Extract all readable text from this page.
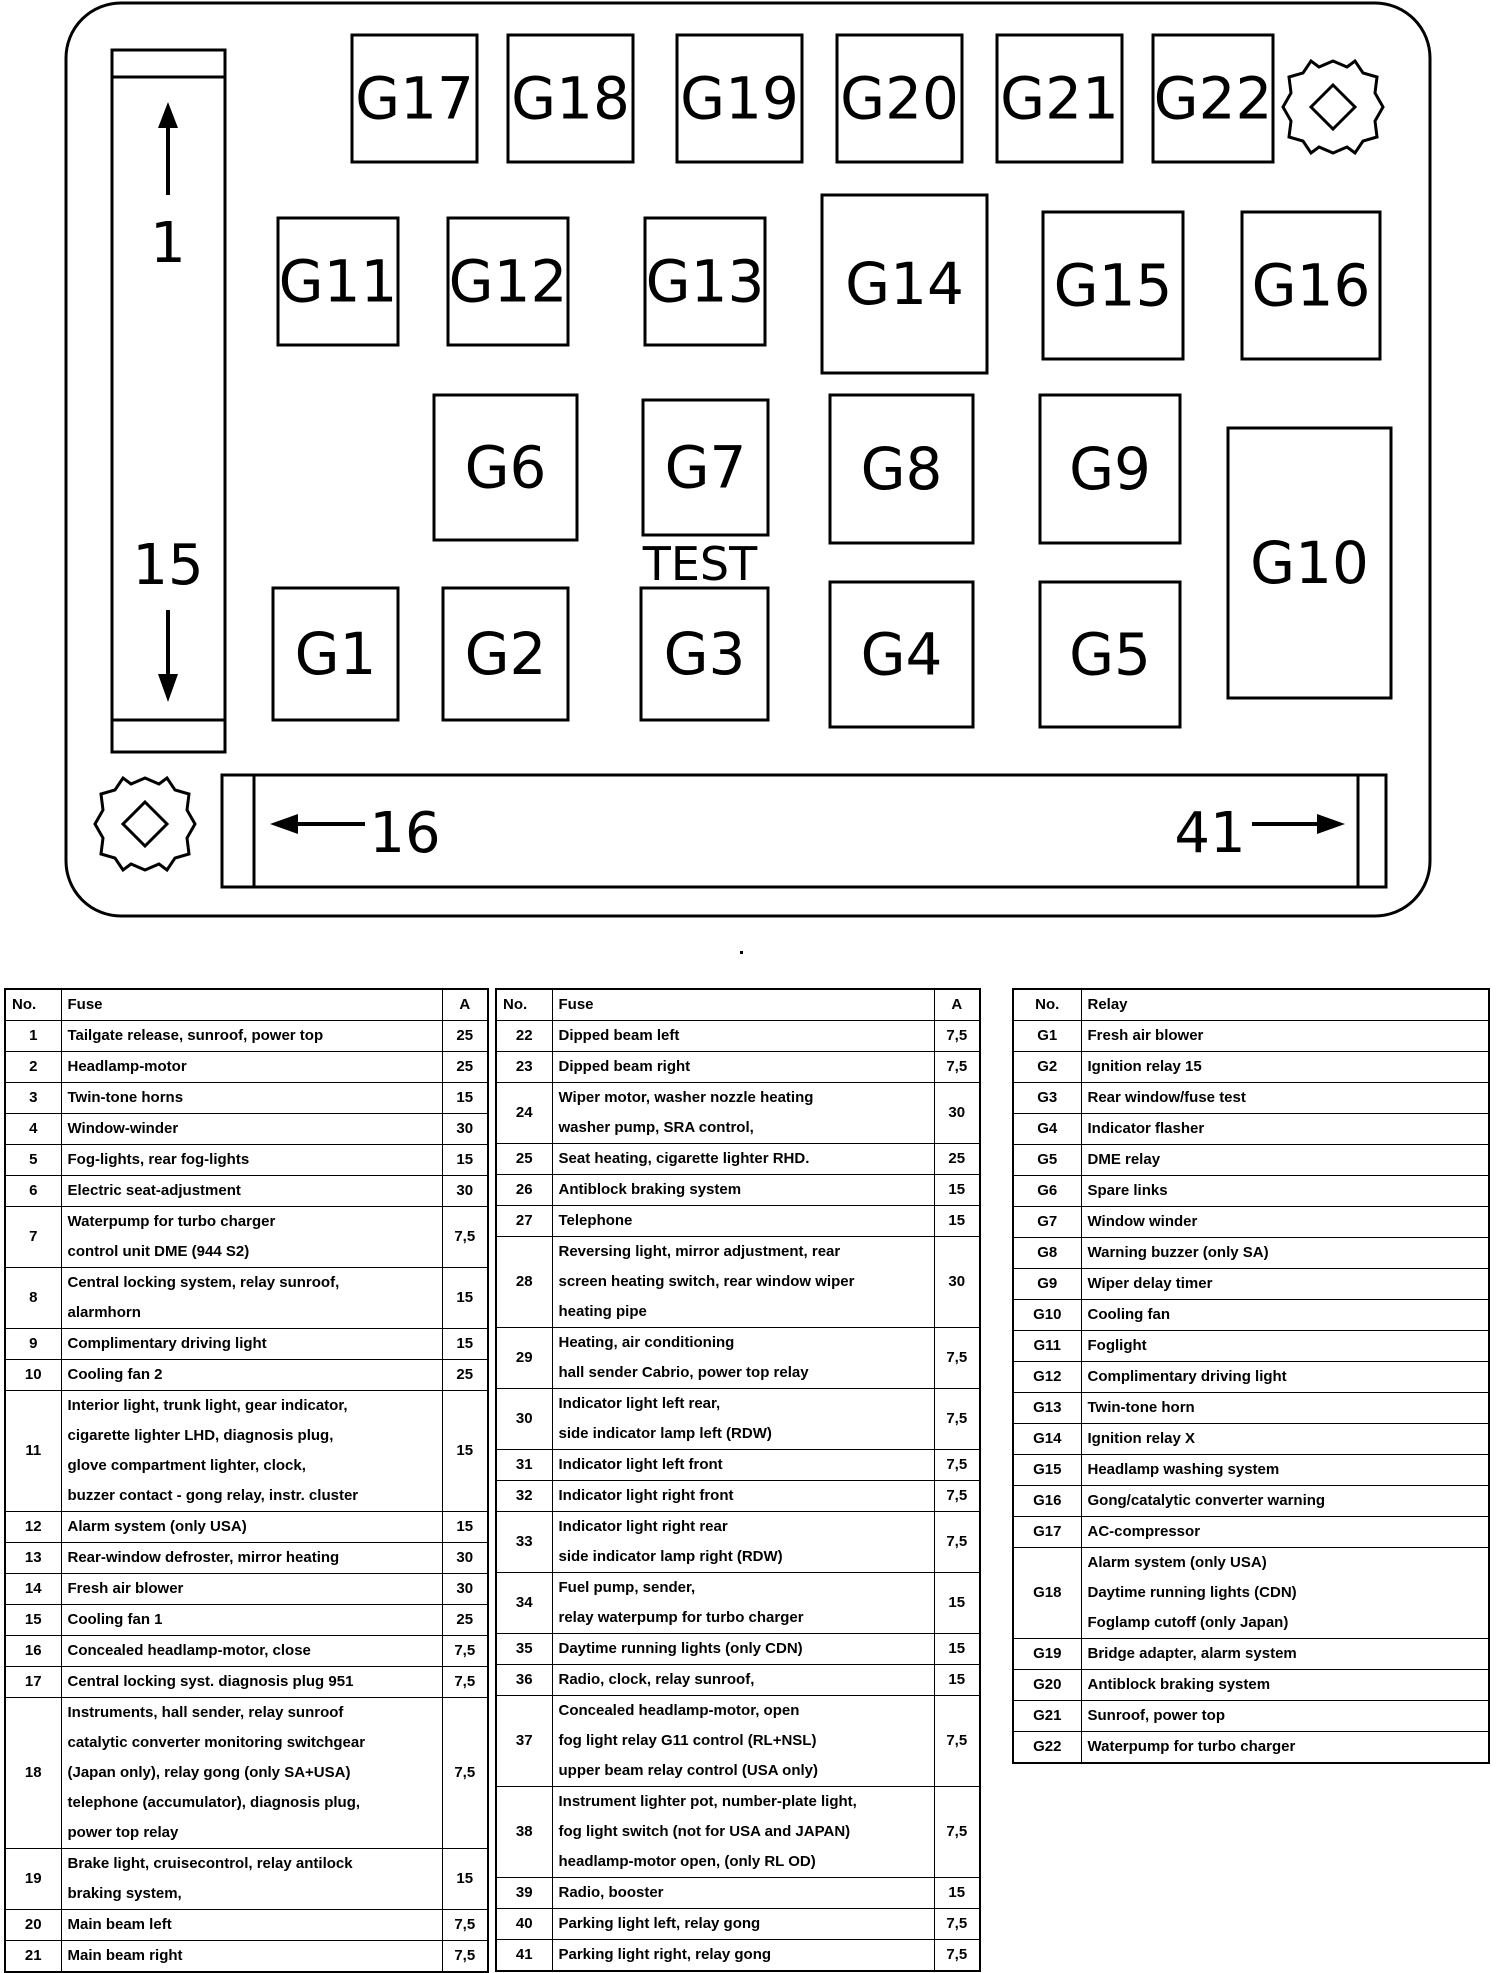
1
15
16	41
TEST
G1 G2 G3 G4 G5
G6 G7 G8 G9
G10
G11 G12 G13 G14 G15 G16
G17 G18 G19 G20 G21 G22
No.	Fuse	A
1	Tailgate release, sunroof, power top	25
2	Headlamp-motor	25
3	Twin-tone horns	15
4	Window-winder	30
5	Fog-lights, rear fog-lights	15
6	Electric seat-adjustment	30
7	Waterpump for turbo charger
control unit DME (944 S2)	7,5
8	Central locking system, relay sunroof,
alarmhorn	15
9	Complimentary driving light	15
10	Cooling fan 2	25
11	Interior light, trunk light, gear indicator,
cigarette lighter LHD, diagnosis plug,
glove compartment lighter, clock,
buzzer contact - gong relay, instr. cluster	15
12	Alarm system (only USA)	15
13	Rear-window defroster, mirror heating	30
14	Fresh air blower	30
15	Cooling fan 1	25
16	Concealed headlamp-motor, close	7,5
17	Central locking syst. diagnosis plug 951	7,5
18	Instruments, hall sender, relay sunroof
catalytic converter monitoring switchgear
(Japan only), relay gong (only SA+USA)
telephone (accumulator), diagnosis plug,
power top relay	7,5
19	Brake light, cruisecontrol, relay antilock
braking system,	15
20	Main beam left	7,5
21	Main beam right	7,5
No.	Fuse	A
22	Dipped beam left	7,5
23	Dipped beam right	7,5
24	Wiper motor, washer nozzle heating
washer pump, SRA control,	30
25	Seat heating, cigarette lighter RHD.	25
26	Antiblock braking system	15
27	Telephone	15
28	Reversing light, mirror adjustment, rear
screen heating switch, rear window wiper
heating pipe	30
29	Heating, air conditioning
hall sender Cabrio, power top relay	7,5
30	Indicator light left rear,
side indicator lamp left (RDW)	7,5
31	Indicator light left front	7,5
32	Indicator light right front	7,5
33	Indicator light right rear
side indicator lamp right (RDW)	7,5
34	Fuel pump, sender,
relay waterpump for turbo charger	15
35	Daytime running lights (only CDN)	15
36	Radio, clock, relay sunroof,	15
37	Concealed headlamp-motor, open
fog light relay G11 control (RL+NSL)
upper beam relay control (USA only)	7,5
38	Instrument lighter pot, number-plate light,
fog light switch (not for USA and JAPAN)
headlamp-motor open, (only RL OD)	7,5
39	Radio, booster	15
40	Parking light left, relay gong	7,5
41	Parking light right, relay gong	7,5
No.	Relay
G1	Fresh air blower

G2	Ignition relay 15

G3	Rear window/fuse test

G4	Indicator flasher

G5	DME relay

G6	Spare links

G7	Window winder

G8	Warning buzzer (only SA)

G9	Wiper delay timer

G10	Cooling fan

G11	Foglight

G12	Complimentary driving light

G13	Twin-tone horn

G14	Ignition relay X

G15	Headlamp washing system

G16	Gong/catalytic converter warning

G17	AC-compressor

G18	Alarm system (only USA)
Daytime running lights (CDN)
Foglamp cutoff (only Japan)

G19	Bridge adapter, alarm system

G20	Antiblock braking system

G21	Sunroof, power top

G22	Waterpump for turbo charger
